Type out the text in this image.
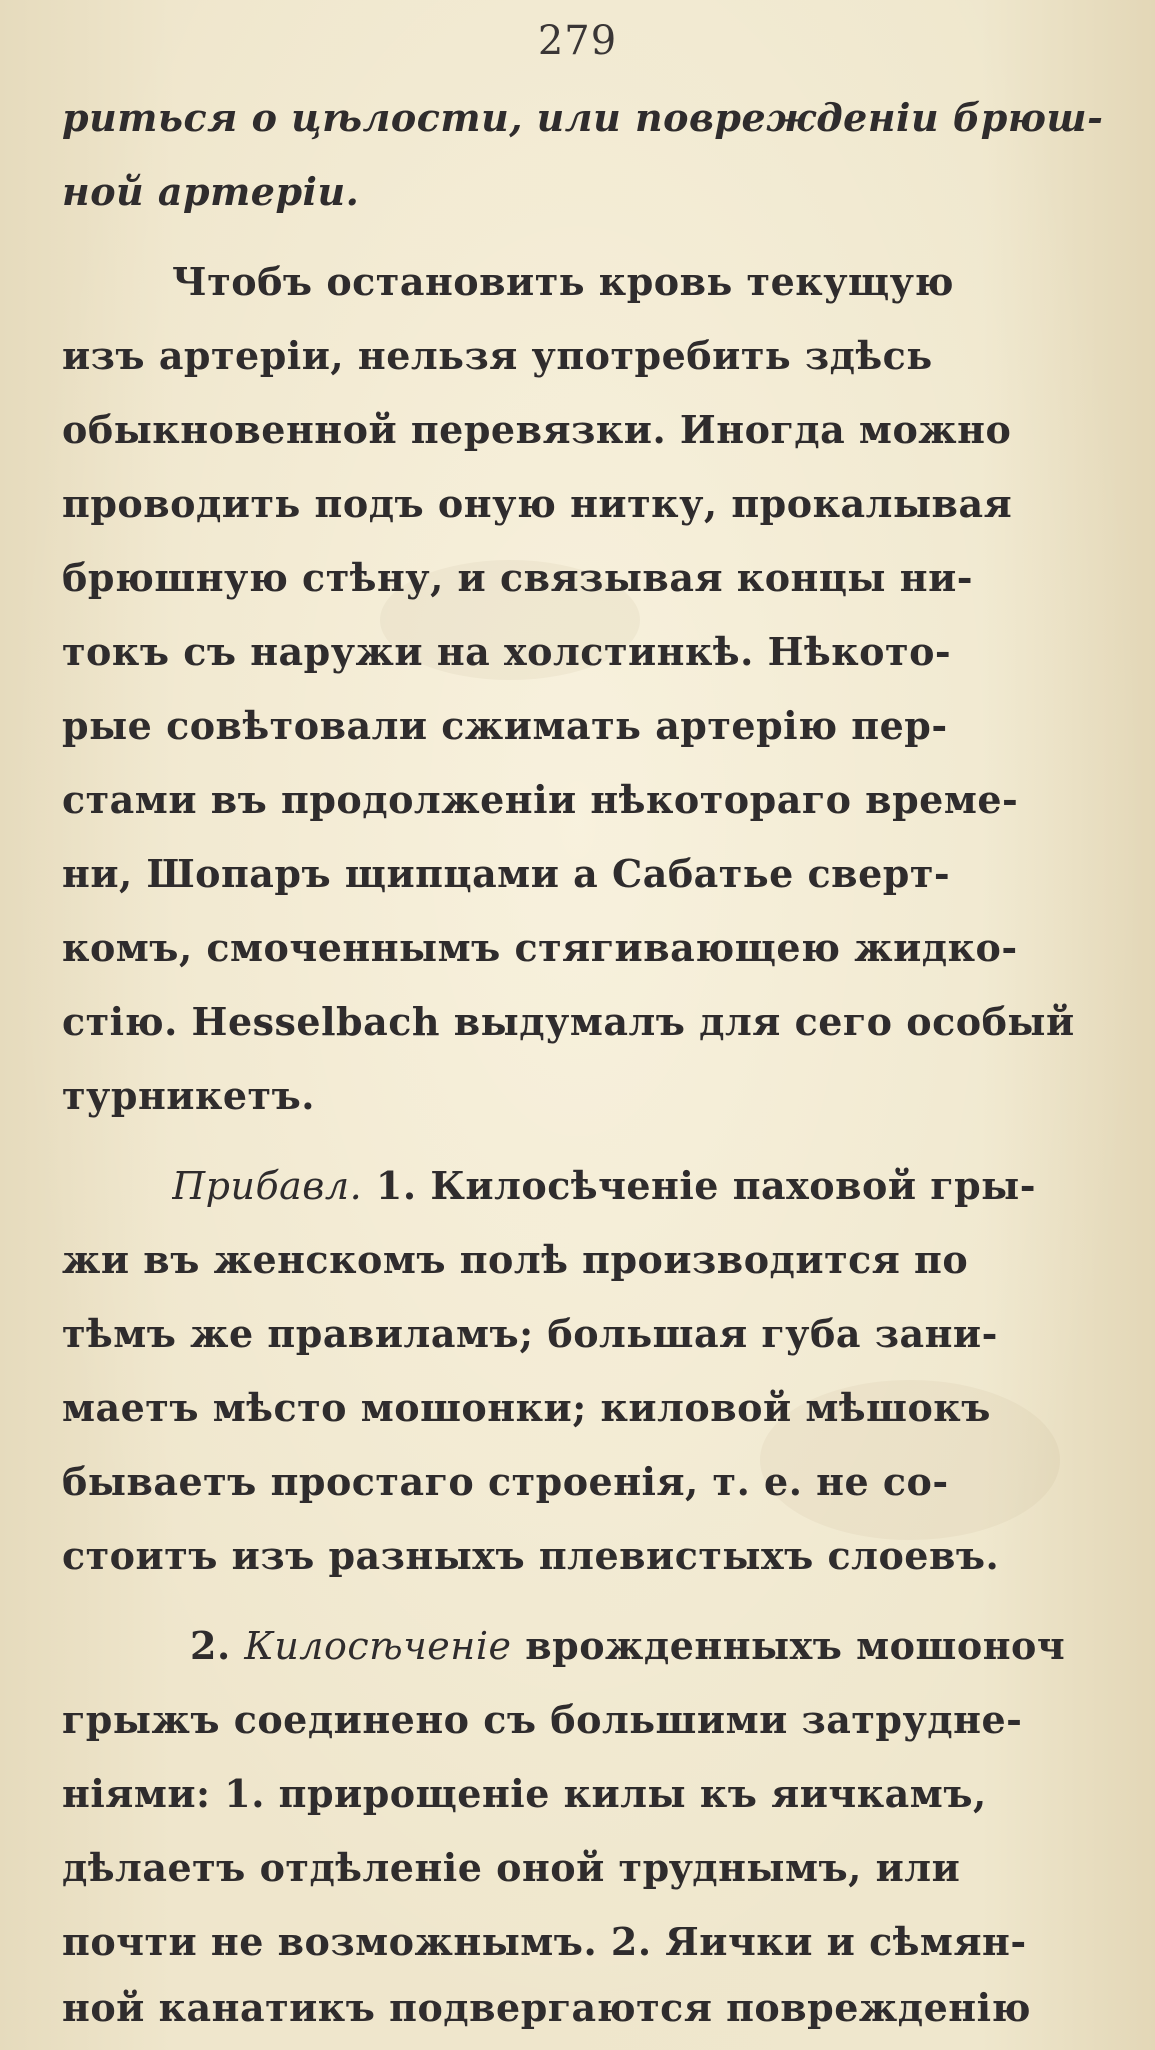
279
риться о цѣлости, или поврежденіи брюш-
ной артеріи.
Чтобъ остановить кровь текущую
изъ артеріи, нельзя употребить здѣсь
обыкновенной перевязки. Иногда можно
проводить подъ оную нитку, прокалывая
брюшную стѣну, и связывая концы ни-
токъ съ наружи на холстинкѣ. Нѣкото-
рые совѣтовали сжимать артерію пер-
стами въ продолженіи нѣкотораго време-
ни, Шопаръ щипцами а Сабатье сверт-
комъ, смоченнымъ стягивающею жидко-
стію. Hesselbach выдумалъ для сего особый
турникетъ.
Прибавл. 1. Килосѣченіе паховой гры-
жи въ женскомъ полѣ производится по
тѣмъ же правиламъ; большая губа зани-
маетъ мѣсто мошонки; киловой мѣшокъ
бываетъ простаго строенія, т. е. не со-
стоитъ изъ разныхъ плевистыхъ слоевъ.
2. Килосѣченіе врожденныхъ мошоноч
грыжъ соединено съ большими затрудне-
ніями: 1. прирощеніе килы къ яичкамъ,
дѣлаетъ отдѣленіе оной трyднымъ, или
почти не возможнымъ. 2. Яички и сѣмян-
ной канатикъ подвергаются поврежденію
